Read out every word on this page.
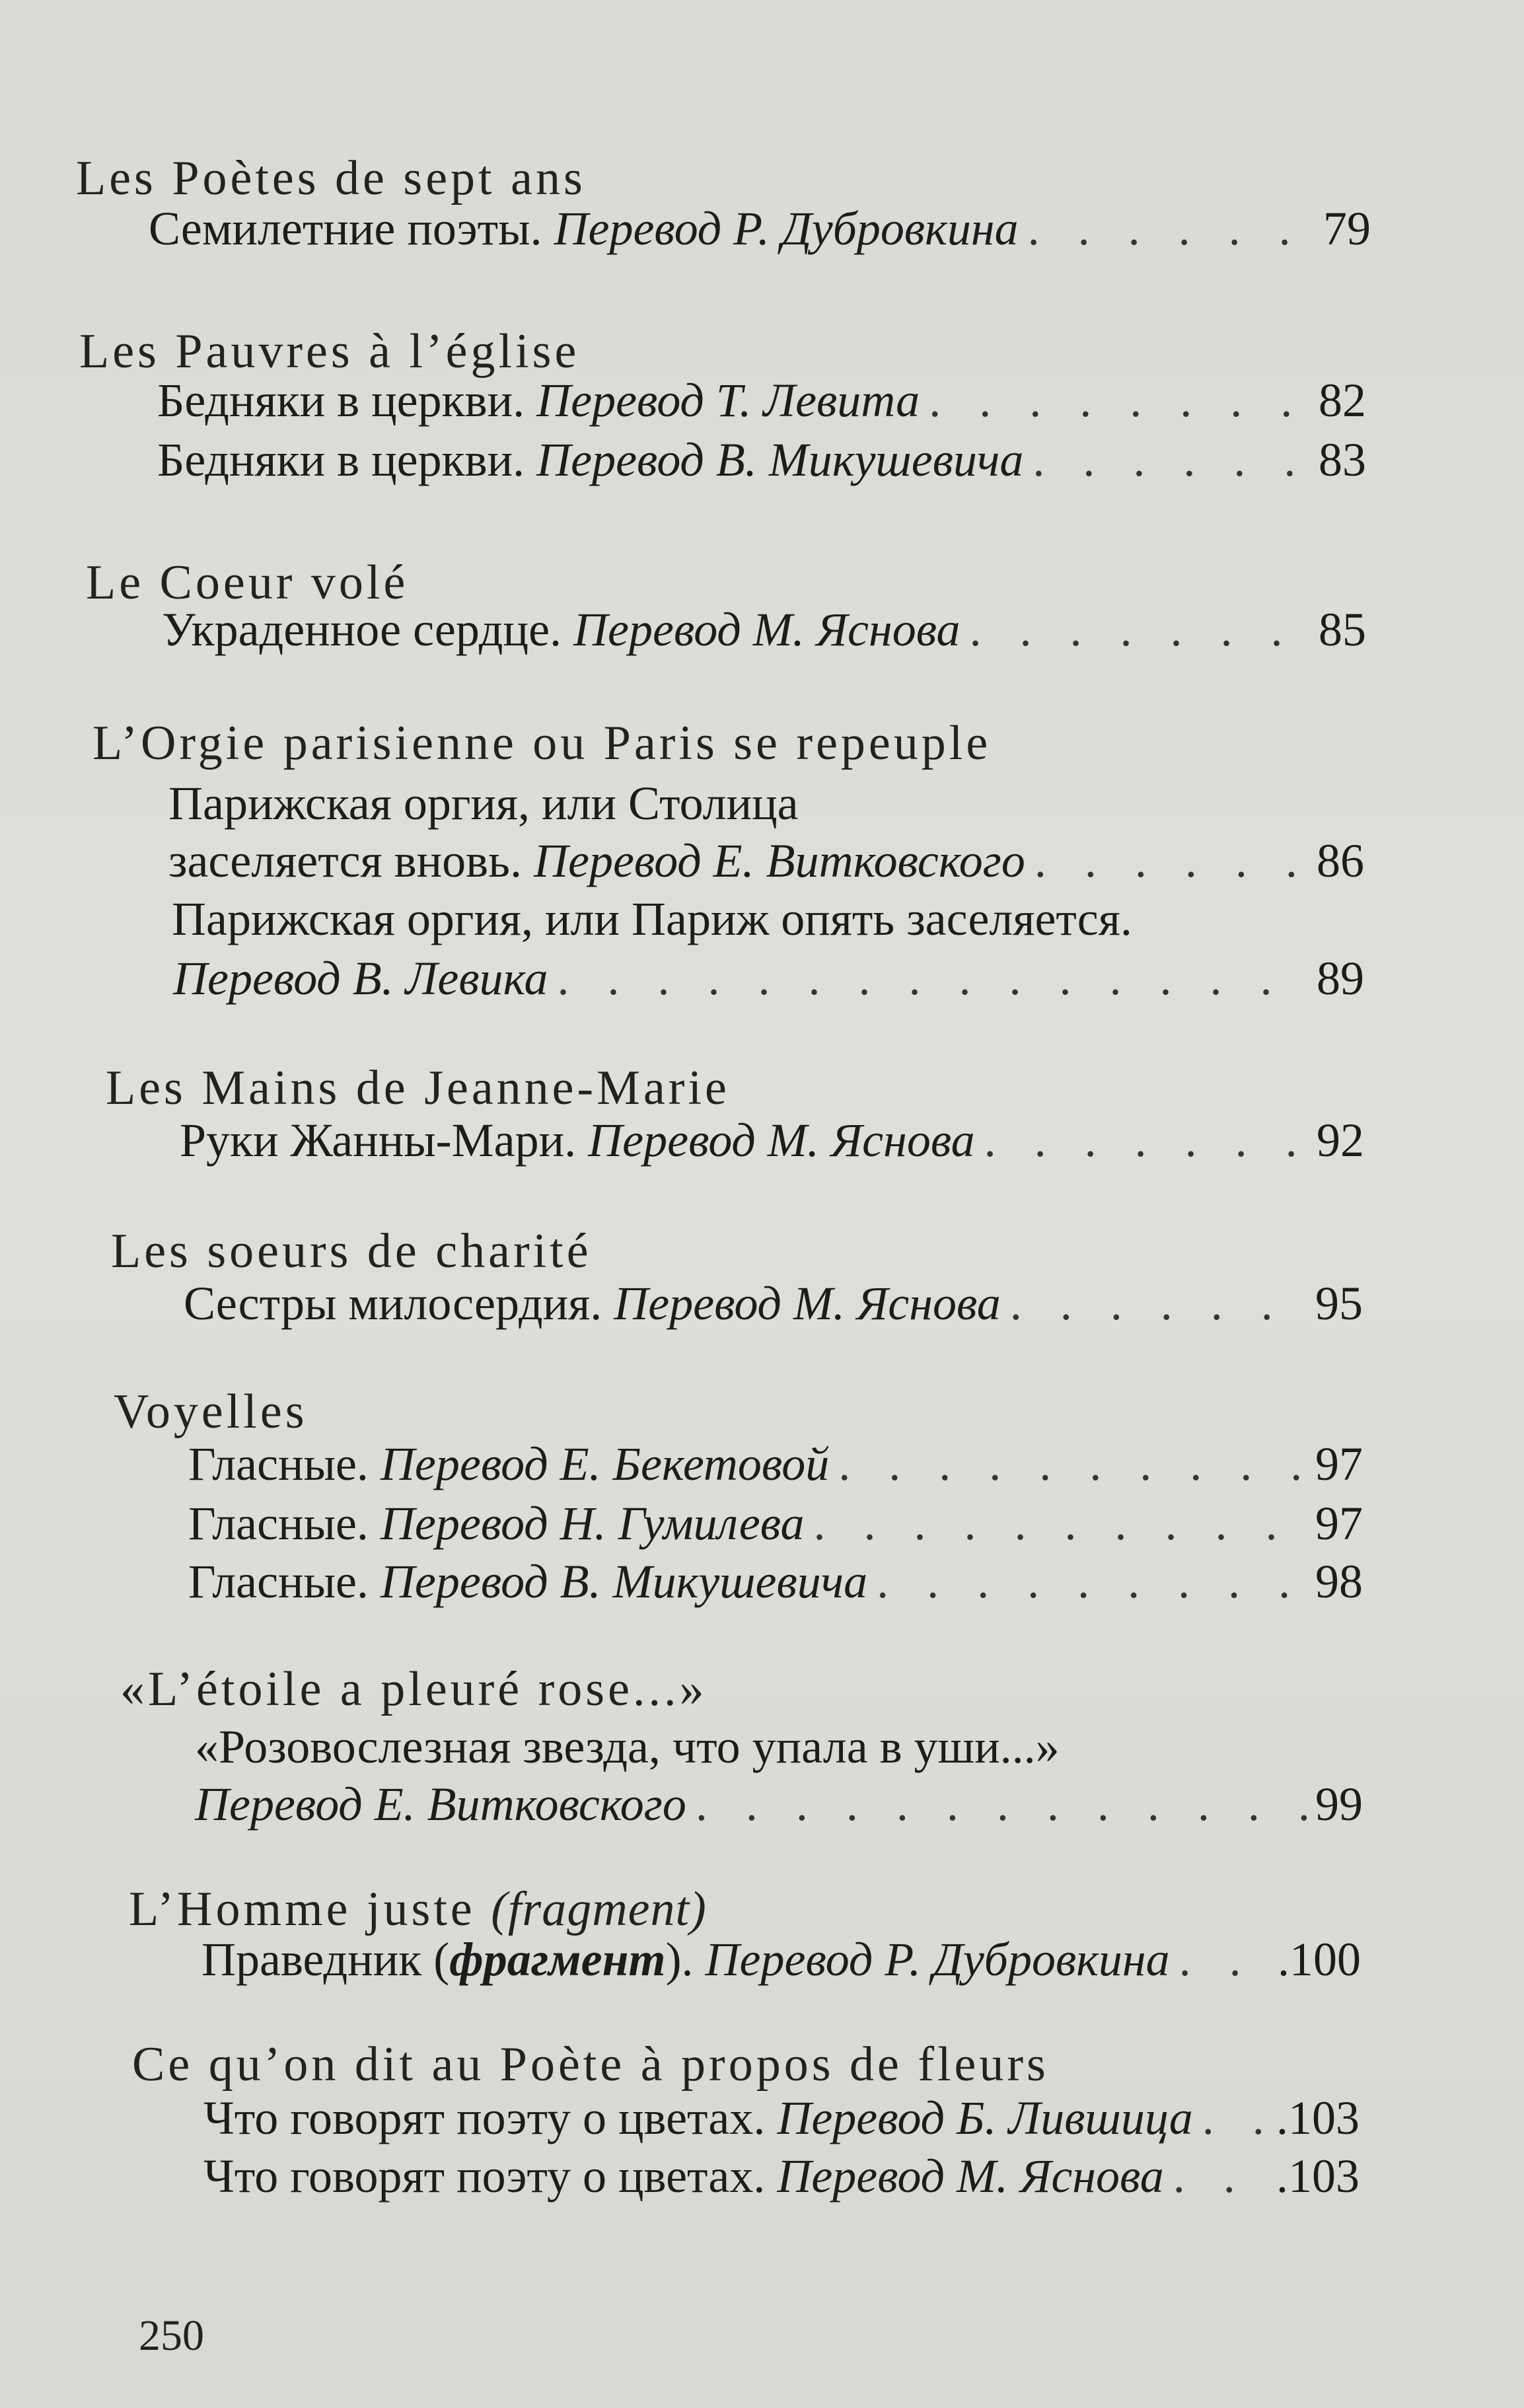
Les Poètes de sept ans
Семилетние поэты. Перевод Р. Дубровкина . . .	79
Les Pauvres à l’église
Бедняки в церкви. Перевод Т. Левита . . .	82
Бедняки в церкви. Перевод В. Микушевича . . .	83
Le Coeur volé
Украденное сердце. Перевод М. Яснова . . .	85
L’Orgie parisienne ou Paris se repeuple
Парижская оргия, или Столица
заселяется вновь. Перевод Е. Витковского . . .	86
Парижская оргия, или Париж опять заселяется.
Перевод В. Левика . . .	89
Les Mains de Jeanne-Marie
Руки Жанны-Мари. Перевод М. Яснова . . .	92
Les soeurs de charité
Сестры милосердия. Перевод М. Яснова . . .	95
Voyelles
Гласные. Перевод Е. Бекетовой . . .	97
Гласные. Перевод Н. Гумилева . . .	97
Гласные. Перевод В. Микушевича . . .	98
«L’étoile a pleuré rose...»
«Розовослезная звезда, что упала в уши...»
Перевод Е. Витковского . . .	99
L’Homme juste (fragment)
Праведник (фрагмент). Перевод Р. Дубровкина . . . .100
Ce qu’on dit au Poète à propos de fleurs
Что говорят поэту о цветах. Перевод Б. Лившица . . . .103
Что говорят поэту о цветах. Перевод М. Яснова . . . .103
250
